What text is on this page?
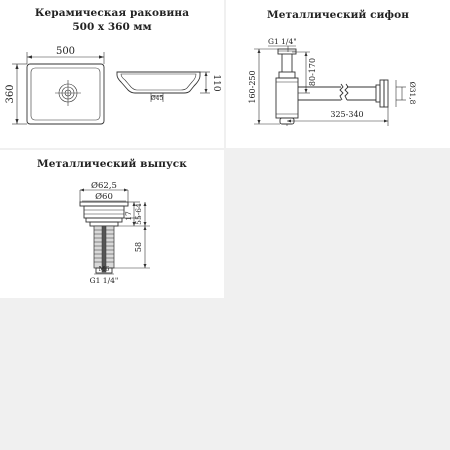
Керамическая раковина
500 x 360 мм
500
360	Ø45
110
Металлический сифон
G1 1/4"
80-170
160-250
325-340
Ø31,8
Металлический выпуск
Ø62,5
Ø60
M6
G1 1/4"
17 55-64
58
